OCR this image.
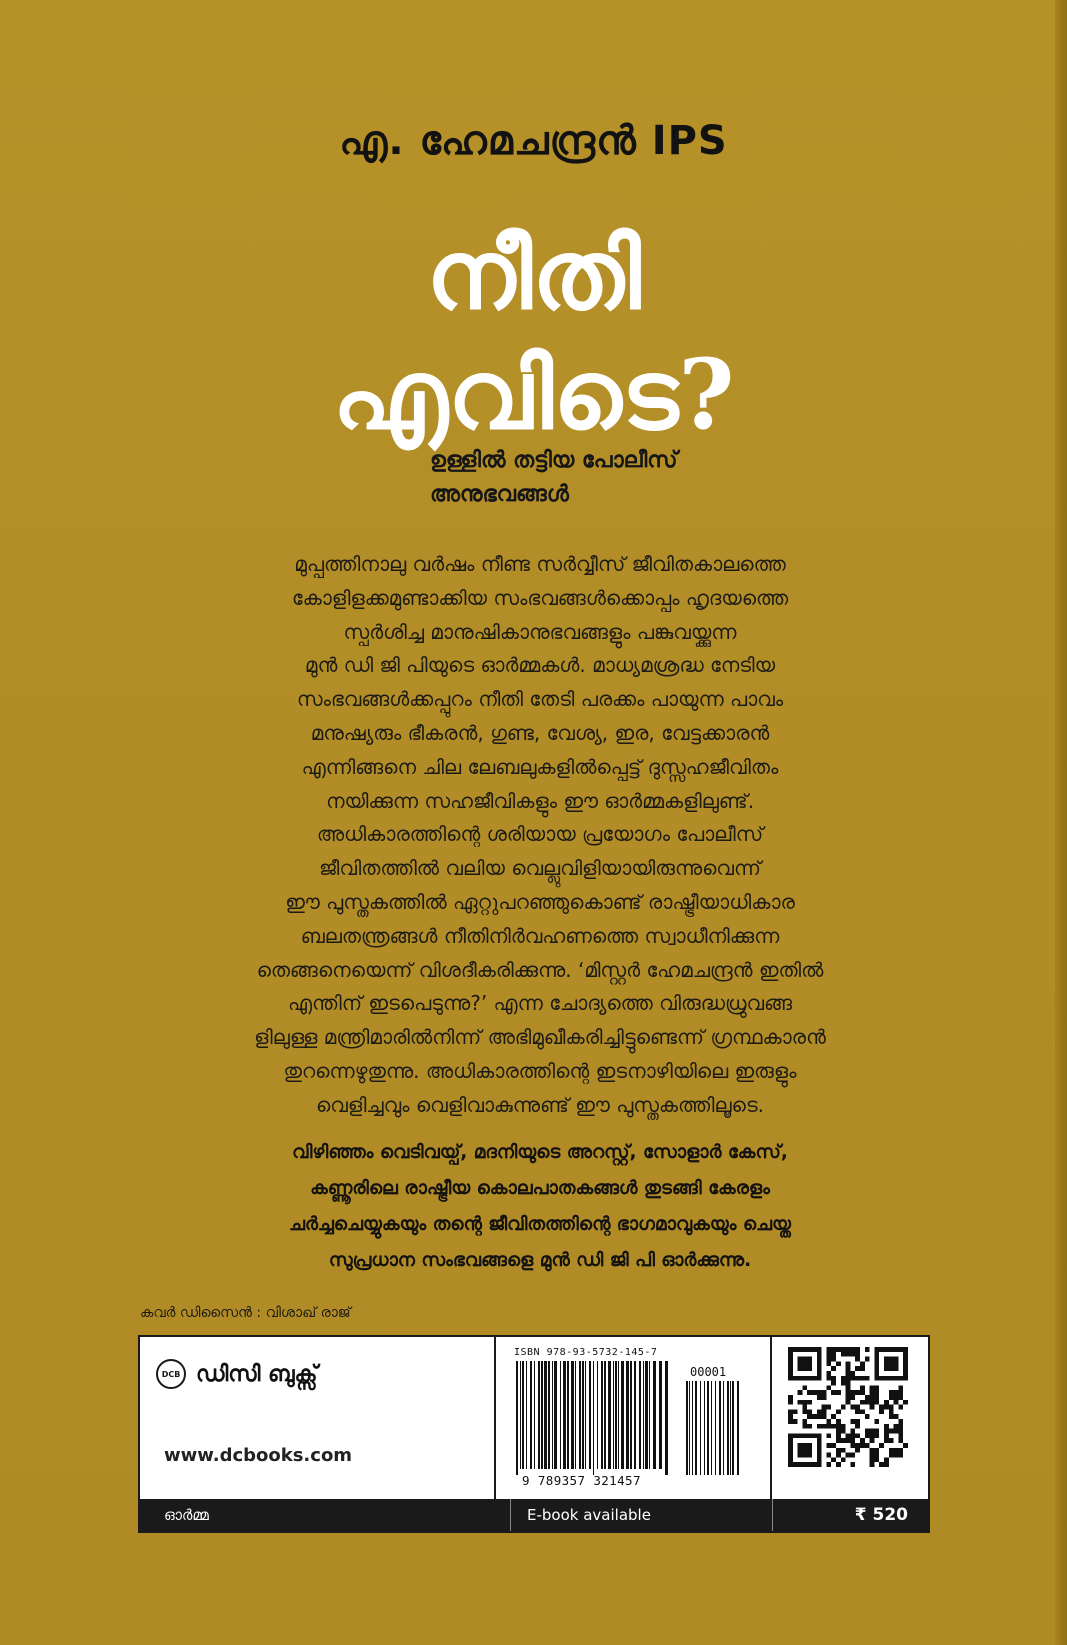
എ. ഹേമചന്ദ്രൻ IPS
നീതി
എവിടെ?
ഉള്ളിൽ തട്ടിയ പോലീസ്
അനുഭവങ്ങൾ
മുപ്പത്തിനാലു വർഷം നീണ്ട സർവ്വീസ് ജീവിതകാലത്തെ
കോളിളക്കമുണ്ടാക്കിയ സംഭവങ്ങൾക്കൊപ്പം ഹൃദയത്തെ
സ്പർശിച്ച മാനുഷികാനുഭവങ്ങളും പങ്കുവയ്ക്കുന്ന
മുൻ ഡി ജി പിയുടെ ഓർമ്മകൾ. മാധ്യമശ്രദ്ധ നേടിയ
സംഭവങ്ങൾക്കപ്പുറം നീതി തേടി പരക്കം പായുന്ന പാവം
മനുഷ്യരും ഭീകരൻ, ഗുണ്ട, വേശ്യ, ഇര, വേട്ടക്കാരൻ
എന്നിങ്ങനെ ചില ലേബലുകളിൽപ്പെട്ട് ദുസ്സഹജീവിതം
നയിക്കുന്ന സഹജീവികളും ഈ ഓർമ്മകളിലുണ്ട്.
അധികാരത്തിന്റെ ശരിയായ പ്രയോഗം പോലീസ്
ജീവിതത്തിൽ വലിയ വെല്ലുവിളിയായിരുന്നുവെന്ന്
ഈ പുസ്തകത്തിൽ ഏറ്റുപറഞ്ഞുകൊണ്ട് രാഷ്ട്രീയാധികാര
ബലതന്ത്രങ്ങൾ നീതിനിർവഹണത്തെ സ്വാധീനിക്കുന്ന
തെങ്ങനെയെന്ന് വിശദീകരിക്കുന്നു. ‘മിസ്റ്റർ ഹേമചന്ദ്രൻ ഇതിൽ
എന്തിന് ഇടപെടുന്നു?’ എന്ന ചോദ്യത്തെ വിരുദ്ധധ്രുവങ്ങ
ളിലുള്ള മന്ത്രിമാരിൽനിന്ന് അഭിമുഖീകരിച്ചിട്ടുണ്ടെന്ന് ഗ്രന്ഥകാരൻ
തുറന്നെഴുതുന്നു. അധികാരത്തിന്റെ ഇടനാഴിയിലെ ഇരുളും
വെളിച്ചവും വെളിവാകുന്നുണ്ട് ഈ പുസ്തകത്തിലൂടെ.
വിഴിഞ്ഞം വെടിവയ്പ്, മദനിയുടെ അറസ്റ്റ്, സോളാർ കേസ്,
കണ്ണൂരിലെ രാഷ്ട്രീയ കൊലപാതകങ്ങൾ തുടങ്ങി കേരളം
ചർച്ചചെയ്യുകയും തന്റെ ജീവിതത്തിന്റെ ഭാഗമാവുകയും ചെയ്ത
സുപ്രധാന സംഭവങ്ങളെ മുൻ ഡി ജി പി ഓർക്കുന്നു.
കവർ ഡിസൈൻ : വിശാഖ് രാജ്
DCB ഡിസി ബുക്സ്
www.dcbooks.com
ISBN 978-93-5732-145-7
00001
9 789357 321457
ഓർമ്മ	E-book available	₹ 520
